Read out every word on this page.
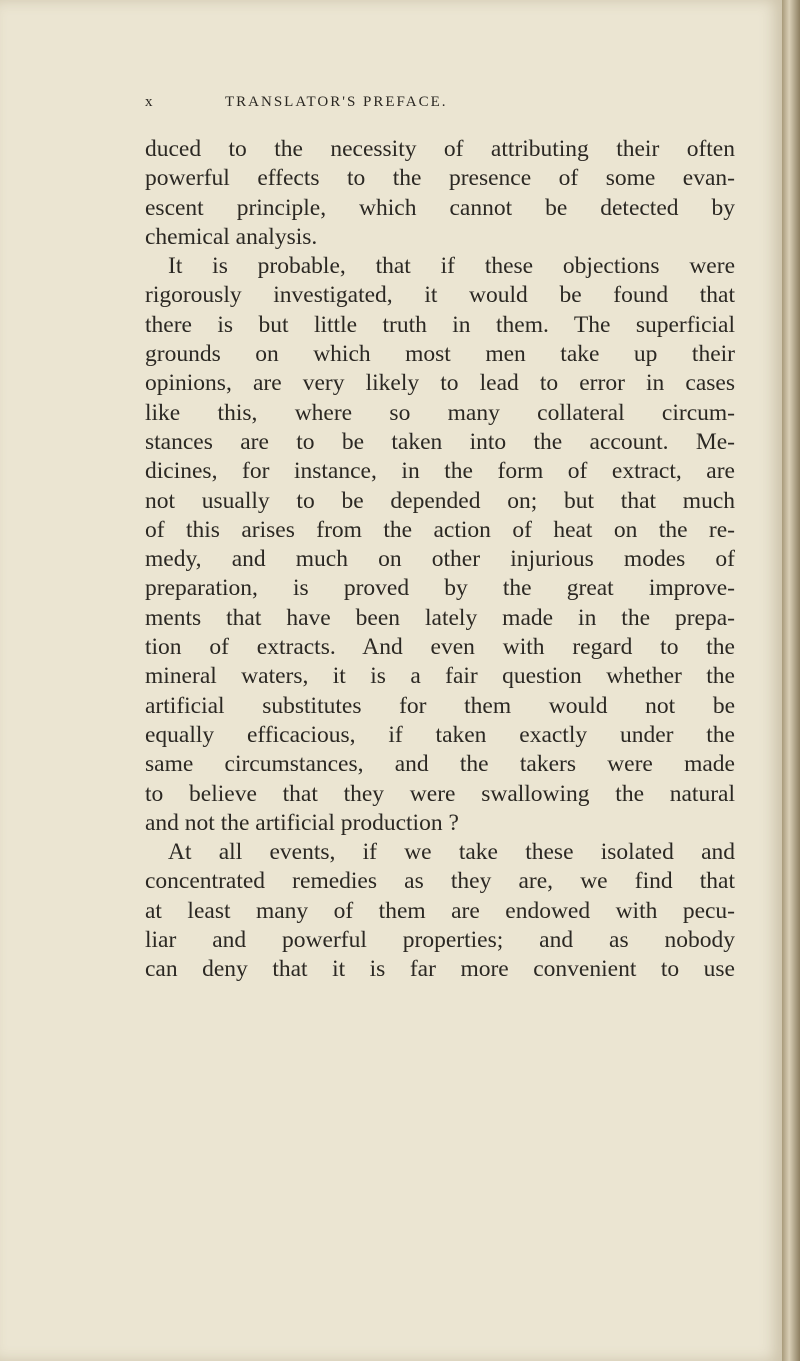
x	TRANSLATOR'S PREFACE.
duced to the necessity of attributing their often
powerful effects to the presence of some evan-
escent principle, which cannot be detected by
chemical analysis.
It is probable, that if these objections were
rigorously investigated, it would be found that
there is but little truth in them. The superficial
grounds on which most men take up their
opinions, are very likely to lead to error in cases
like this, where so many collateral circum-
stances are to be taken into the account. Me-
dicines, for instance, in the form of extract, are
not usually to be depended on; but that much
of this arises from the action of heat on the re-
medy, and much on other injurious modes of
preparation, is proved by the great improve-
ments that have been lately made in the prepa-
tion of extracts. And even with regard to the
mineral waters, it is a fair question whether the
artificial substitutes for them would not be
equally efficacious, if taken exactly under the
same circumstances, and the takers were made
to believe that they were swallowing the natural
and not the artificial production ?
At all events, if we take these isolated and
concentrated remedies as they are, we find that
at least many of them are endowed with pecu-
liar and powerful properties; and as nobody
can deny that it is far more convenient to use
